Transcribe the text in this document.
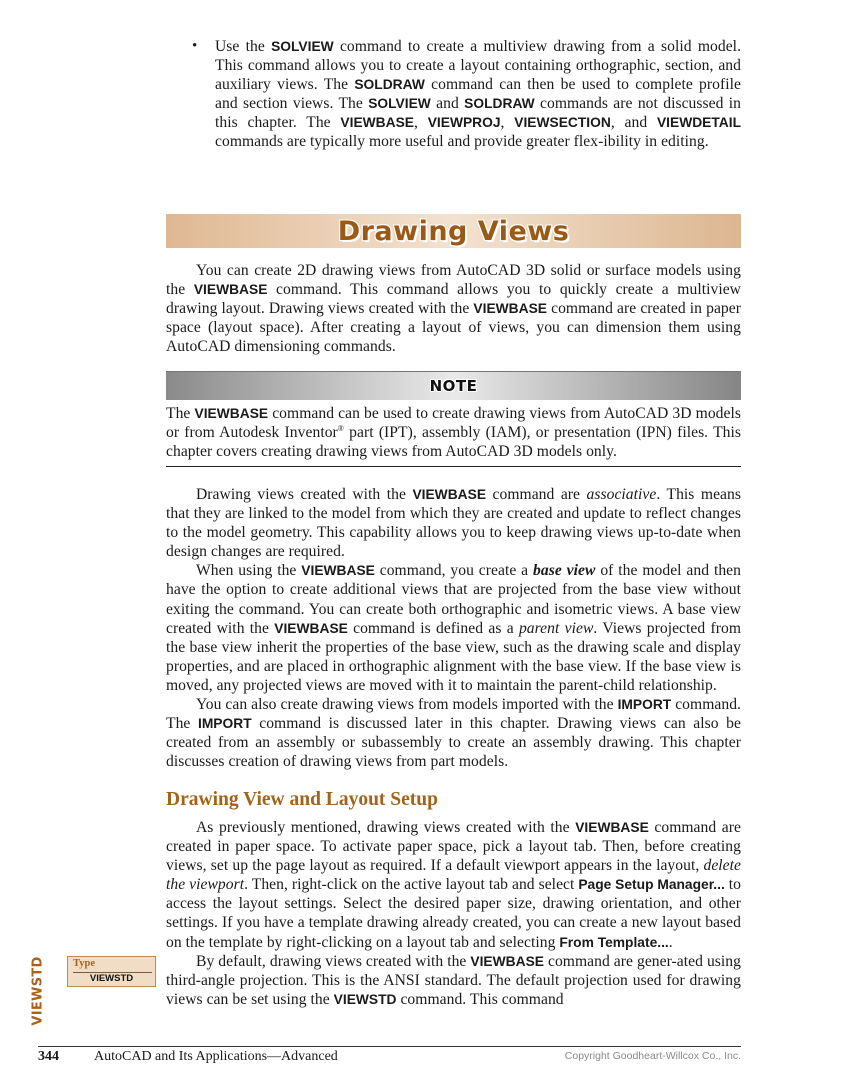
• Use the SOLVIEW command to create a multiview drawing from a solid model. This command allows you to create a layout containing orthographic, section, and auxiliary views. The SOLDRAW command can then be used to complete profile and section views. The SOLVIEW and SOLDRAW commands are not discussed in this chapter. The VIEWBASE, VIEWPROJ, VIEWSECTION, and VIEWDETAIL commands are typically more useful and provide greater flex-ibility in editing.
Drawing Views

You can create 2D drawing views from AutoCAD 3D solid or surface models using the VIEWBASE command. This command allows you to quickly create a multiview drawing layout. Drawing views created with the VIEWBASE command are created in paper space (layout space). After creating a layout of views, you can dimension them using AutoCAD dimensioning commands.

NOTE

The VIEWBASE command can be used to create drawing views from AutoCAD 3D models or from Autodesk Inventor® part (IPT), assembly (IAM), or presentation (IPN) files. This chapter covers creating drawing views from AutoCAD 3D models only.

Drawing views created with the VIEWBASE command are associative. This means that they are linked to the model from which they are created and update to reflect changes to the model geometry. This capability allows you to keep drawing views up-to-date when design changes are required.

When using the VIEWBASE command, you create a base view of the model and then have the option to create additional views that are projected from the base view without exiting the command. You can create both orthographic and isometric views. A base view created with the VIEWBASE command is defined as a parent view. Views projected from the base view inherit the properties of the base view, such as the drawing scale and display properties, and are placed in orthographic alignment with the base view. If the base view is moved, any projected views are moved with it to maintain the parent-child relationship.

You can also create drawing views from models imported with the IMPORT command. The IMPORT command is discussed later in this chapter. Drawing views can also be created from an assembly or subassembly to create an assembly drawing. This chapter discusses creation of drawing views from part models.

Drawing View and Layout Setup

As previously mentioned, drawing views created with the VIEWBASE command are created in paper space. To activate paper space, pick a layout tab. Then, before creating views, set up the page layout as required. If a default viewport appears in the layout, delete the viewport. Then, right-click on the active layout tab and select Page Setup Manager... to access the layout settings. Select the desired paper size, drawing orientation, and other settings. If you have a template drawing already created, you can create a new layout based on the template by right-clicking on a layout tab and selecting From Template....

By default, drawing views created with the VIEWBASE command are gener-ated using third-angle projection. This is the ANSI standard. The default projection used for drawing views can be set using the VIEWSTD command. This command

VIEWSTD	Type
VIEWSTD
344	AutoCAD and Its Applications—Advanced	Copyright Goodheart-Willcox Co., Inc.
